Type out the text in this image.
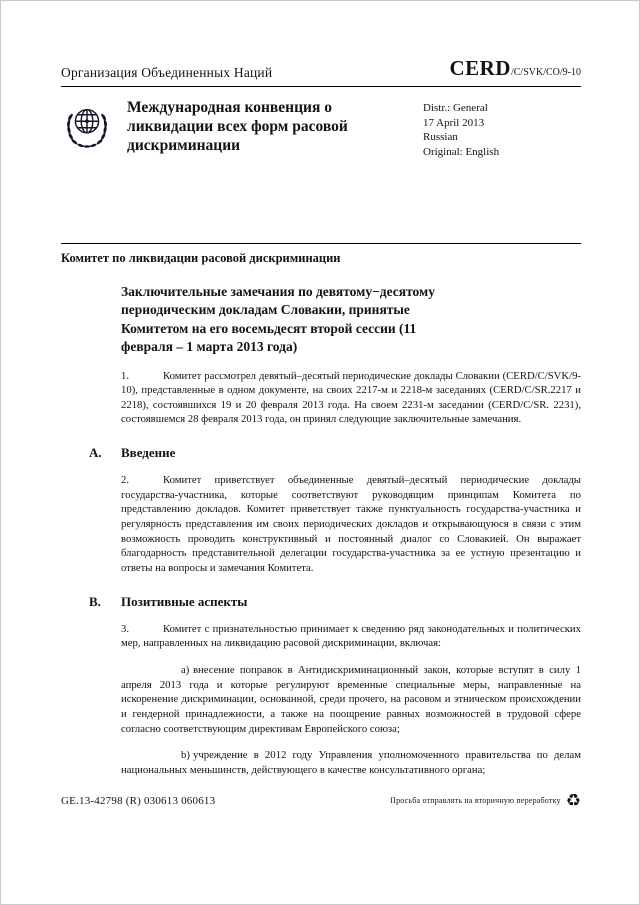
Организация Объединенных Наций	CERD/C/SVK/CO/9-10
Международная конвенция о ликвидации всех форм расовой дискриминации
Distr.: General
17 April 2013
Russian
Original: English
Комитет по ликвидации расовой дискриминации
Заключительные замечания по девятому−десятому периодическим докладам Словакии, принятые Комитетом на его восемьдесят второй сессии (11 февраля – 1 марта 2013 года)
1.	Комитет рассмотрел девятый–десятый периодические доклады Словакии (CERD/C/SVK/9-10), представленные в одном документе, на своих 2217-м и 2218-м заседаниях (CERD/C/SR.2217 и 2218), состоявшихся 19 и 20 февраля 2013 года. На своем 2231-м заседании (CERD/C/SR. 2231), состоявшемся 28 февраля 2013 года, он принял следующие заключительные замечания.
A.	Введение
2.	Комитет приветствует объединенные девятый–десятый периодические доклады государства-участника, которые соответствуют руководящим принципам Комитета по представлению докладов. Комитет приветствует также пунктуальность государства-участника и регулярность представления им своих периодических докладов и открывающуюся в связи с этим возможность проводить конструктивный и постоянный диалог со Словакией. Он выражает благодарность представительной делегации государства-участника за ее устную презентацию и ответы на вопросы и замечания Комитета.
B.	Позитивные аспекты
3.	Комитет с признательностью принимает к сведению ряд законодательных и политических мер, направленных на ликвидацию расовой дискриминации, включая:
a) внесение поправок в Антидискриминационный закон, которые вступят в силу 1 апреля 2013 года и которые регулируют временные специальные меры, направленные на искоренение дискриминации, основанной, среди прочего, на расовом и этническом происхождении и гендерной принадлежности, а также на поощрение равных возможностей в трудовой сфере согласно соответствующим директивам Европейского союза;
b) учреждение в 2012 году Управления уполномоченного правительства по делам национальных меньшинств, действующего в качестве консультативного органа;
GE.13-42798 (R) 030613 060613	Просьба отправлять на вторичную переработку ♻
